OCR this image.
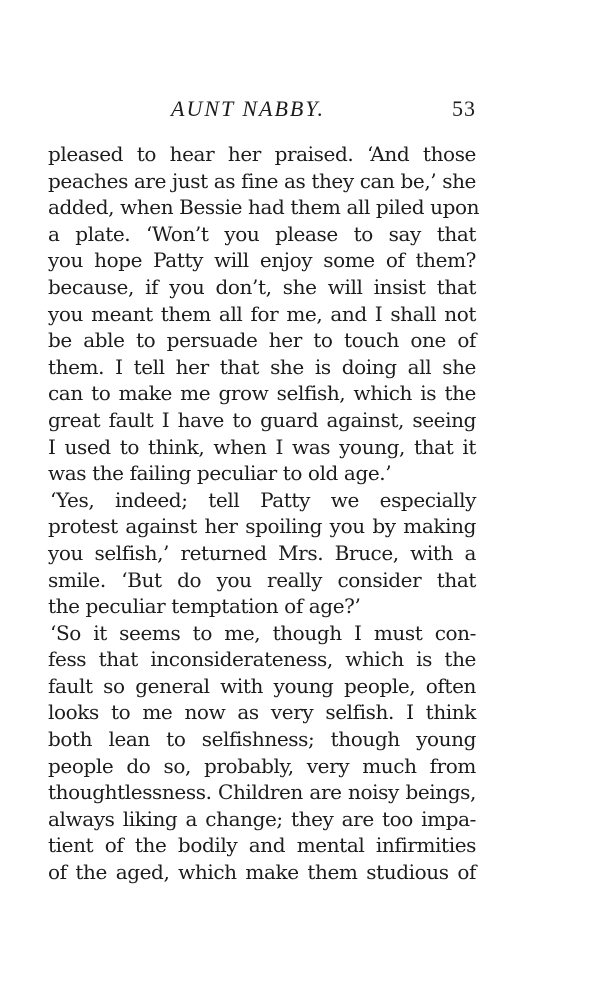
AUNT NABBY.	53
pleased to hear her praised. ‘And those
peaches are just as fine as they can be,’ she
added, when Bessie had them all piled upon
a plate. ‘Won’t you please to say that
you hope Patty will enjoy some of them?
because, if you don’t, she will insist that
you meant them all for me, and I shall not
be able to persuade her to touch one of
them. I tell her that she is doing all she
can to make me grow selfish, which is the
great fault I have to guard against, seeing
I used to think, when I was young, that it
was the failing peculiar to old age.’
‘Yes, indeed; tell Patty we especially
protest against her spoiling you by making
you selfish,’ returned Mrs. Bruce, with a
smile. ‘But do you really consider that
the peculiar temptation of age?’
‘So it seems to me, though I must con-
fess that inconsiderateness, which is the
fault so general with young people, often
looks to me now as very selfish. I think
both lean to selfishness; though young
people do so, probably, very much from
thoughtlessness. Children are noisy beings,
always liking a change; they are too impa-
tient of the bodily and mental infirmities
of the aged, which make them studious of
